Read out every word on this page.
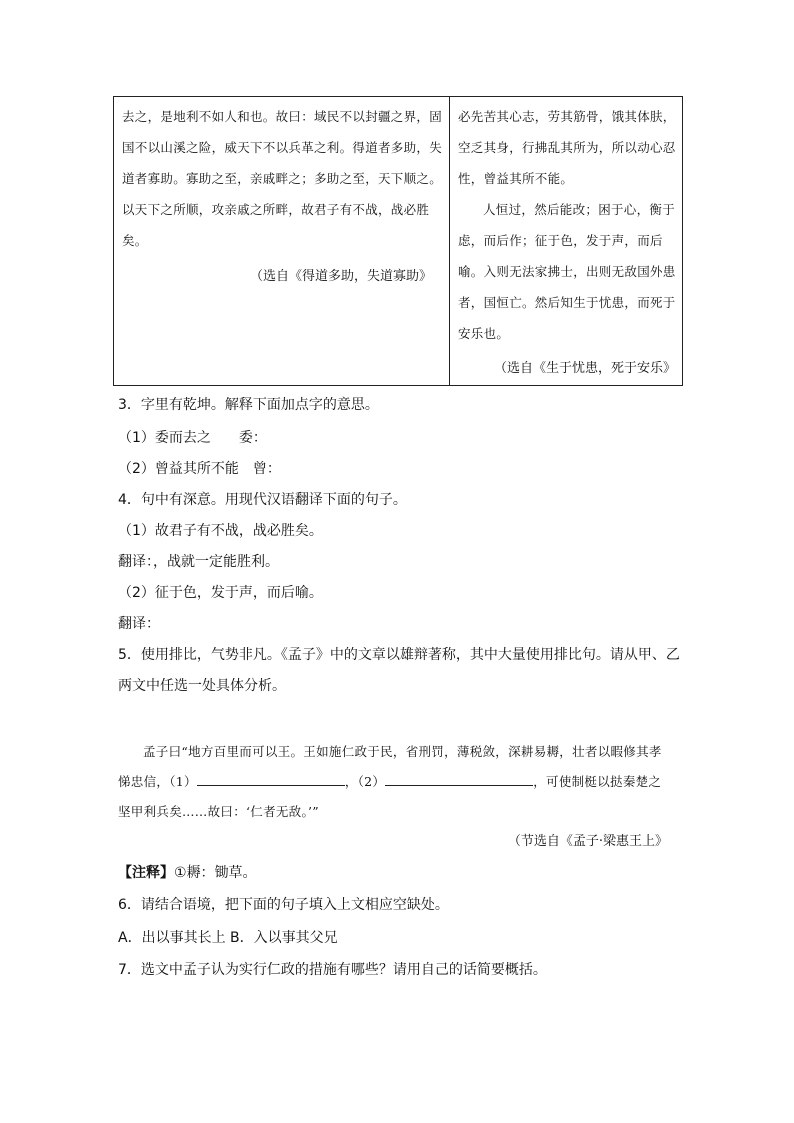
去之，是地利不如人和也。故曰：域民不以封疆之界，固国不以山溪之险，威天下不以兵革之利。得道者多助，失道者寡助。寡助之至，亲戚畔之；多助之至，天下顺之。以天下之所顺，攻亲戚之所畔，故君子有不战，战必胜矣。

（选自《得道多助，失道寡助》

必先苦其心志，劳其筋骨，饿其体肤，空乏其身，行拂乱其所为，所以动心忍性，曾益其所不能。

人恒过，然后能改；困于心，衡于虑，而后作；征于色，发于声，而后喻。入则无法家拂士，出则无敌国外患者，国恒亡。然后知生于忧患，而死于安乐也。

（选自《生于忧患，死于安乐》
3．字里有乾坤。解释下面加点字的意思。
（1）委而去之　　委：
（2）曾益其所不能　曾：
4．句中有深意。用现代汉语翻译下面的句子。
（1）故君子有不战，战必胜矣。
翻译：，战就一定能胜利。
（2）征于色，发于声，而后喻。
翻译：
5．使用排比，气势非凡。《孟子》中的文章以雄辩著称，其中大量使用排比句。请从甲、乙
两文中任选一处具体分析。
孟子曰“地方百里而可以王。王如施仁政于民，省刑罚，薄税敛，深耕易耨，壮者以暇修其孝悌忠信，（1）	，（2）	，可使制梃以挞秦楚之坚甲利兵矣……故曰：‘仁者无敌。’”
（节选自《孟子·梁惠王上》
【注释】①耨：锄草。
6．请结合语境，把下面的句子填入上文相应空缺处。
A．出以事其长上 B．入以事其父兄
7．选文中孟子认为实行仁政的措施有哪些？请用自己的话简要概括。
